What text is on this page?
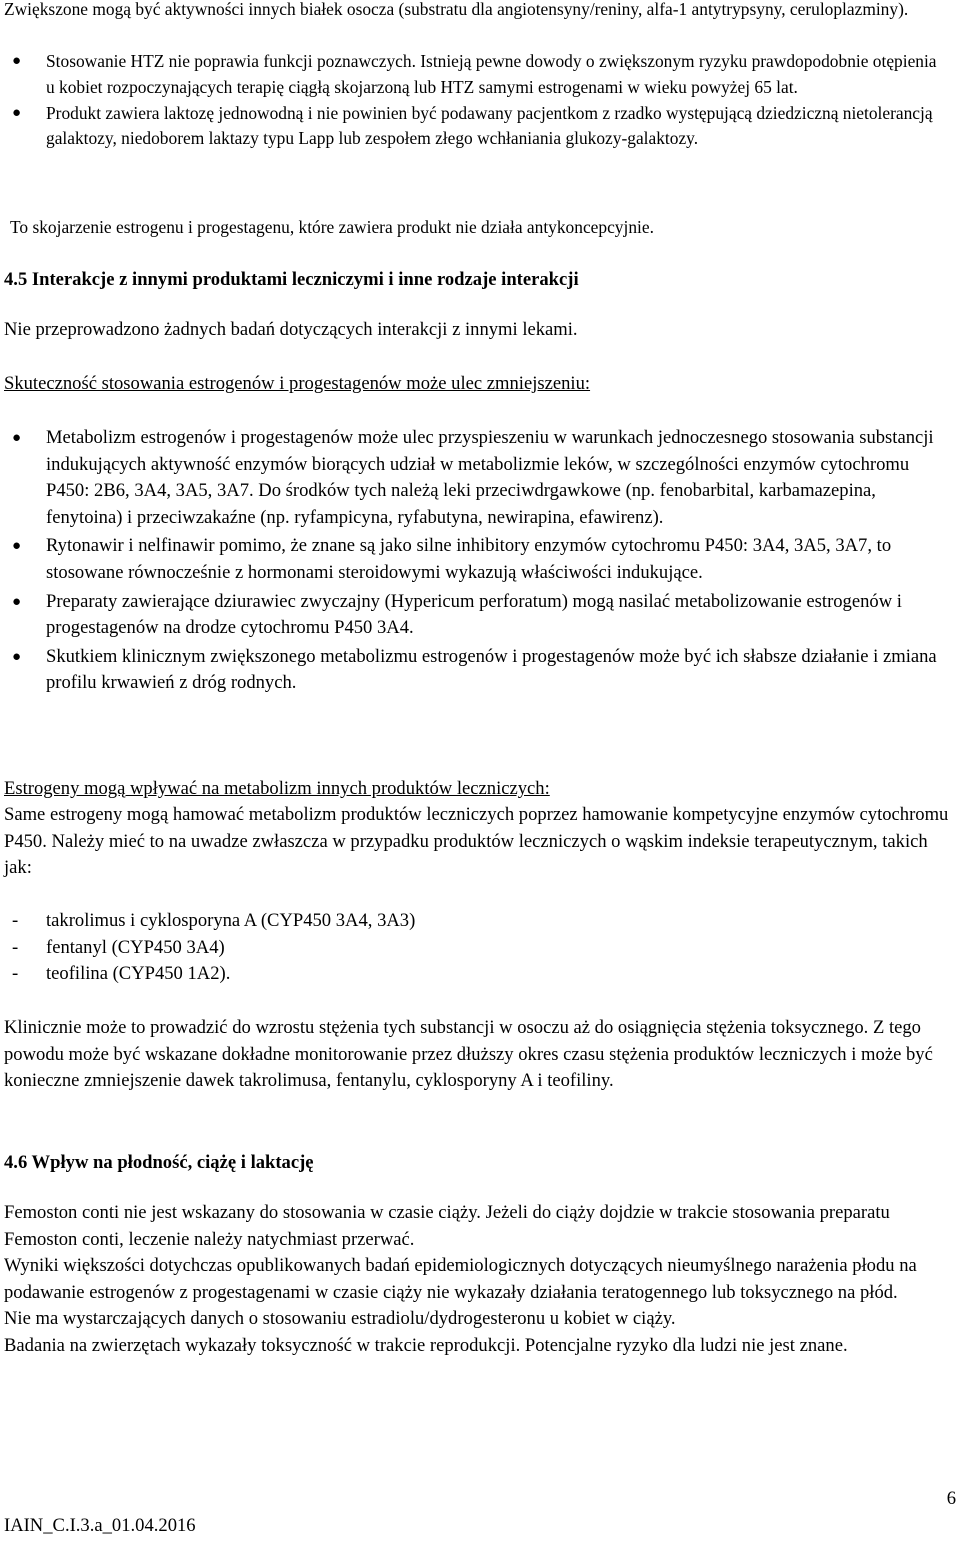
Zwiększone mogą być aktywności innych białek osocza (substratu dla angiotensyny/reniny, alfa-1 antytrypsyny, ceruloplazminy).

● Stosowanie HTZ nie poprawia funkcji poznawczych. Istnieją pewne dowody o zwiększonym ryzyku prawdopodobnie otępienia u kobiet rozpoczynających terapię ciągłą skojarzoną lub HTZ samymi estrogenami w wieku powyżej 65 lat.
● Produkt zawiera laktozę jednowodną i nie powinien być podawany pacjentkom z rzadko występującą dziedziczną nietolerancją galaktozy, niedoborem laktazy typu Lapp lub zespołem złego wchłaniania glukozy-galaktozy.

To skojarzenie estrogenu i progestagenu, które zawiera produkt nie działa antykoncepcyjnie.

4.5 Interakcje z innymi produktami leczniczymi i inne rodzaje interakcji

Nie przeprowadzono żadnych badań dotyczących interakcji z innymi lekami.

Skuteczność stosowania estrogenów i progestagenów może ulec zmniejszeniu:

● Metabolizm estrogenów i progestagenów może ulec przyspieszeniu w warunkach jednoczesnego stosowania substancji indukujących aktywność enzymów biorących udział w metabolizmie leków, w szczególności enzymów cytochromu P450: 2B6, 3A4, 3A5, 3A7. Do środków tych należą leki przeciwdrgawkowe (np. fenobarbital, karbamazepina, fenytoina) i przeciwzakaźne (np. ryfampicyna, ryfabutyna, newirapina, efawirenz).
● Rytonawir i nelfinawir pomimo, że znane są jako silne inhibitory enzymów cytochromu P450: 3A4, 3A5, 3A7, to stosowane równocześnie z hormonami steroidowymi wykazują właściwości indukujące.
● Preparaty zawierające dziurawiec zwyczajny (Hypericum perforatum) mogą nasilać metabolizowanie estrogenów i progestagenów na drodze cytochromu P450 3A4.
● Skutkiem klinicznym zwiększonego metabolizmu estrogenów i progestagenów może być ich słabsze działanie i zmiana profilu krwawień z dróg rodnych.

Estrogeny mogą wpływać na metabolizm innych produktów leczniczych:

Same estrogeny mogą hamować metabolizm produktów leczniczych poprzez hamowanie kompetycyjne enzymów cytochromu P450. Należy mieć to na uwadze zwłaszcza w przypadku produktów leczniczych o wąskim indeksie terapeutycznym, takich jak:

- takrolimus i cyklosporyna A (CYP450 3A4, 3A3)
- fentanyl (CYP450 3A4)
- teofilina (CYP450 1A2).

Klinicznie może to prowadzić do wzrostu stężenia tych substancji w osoczu aż do osiągnięcia stężenia toksycznego. Z tego powodu może być wskazane dokładne monitorowanie przez dłuższy okres czasu stężenia produktów leczniczych i może być konieczne zmniejszenie dawek takrolimusa, fentanylu, cyklosporyny A i teofiliny.

4.6 Wpływ na płodność, ciążę i laktację

Femoston conti nie jest wskazany do stosowania w czasie ciąży. Jeżeli do ciąży dojdzie w trakcie stosowania preparatu Femoston conti, leczenie należy natychmiast przerwać.

Wyniki większości dotychczas opublikowanych badań epidemiologicznych dotyczących nieumyślnego narażenia płodu na podawanie estrogenów z progestagenami w czasie ciąży nie wykazały działania teratogennego lub toksycznego na płód.

Nie ma wystarczających danych o stosowaniu estradiolu/dydrogesteronu u kobiet w ciąży.

Badania na zwierzętach wykazały toksyczność w trakcie reprodukcji. Potencjalne ryzyko dla ludzi nie jest znane.

IAIN_C.I.3.a_01.04.2016

6
